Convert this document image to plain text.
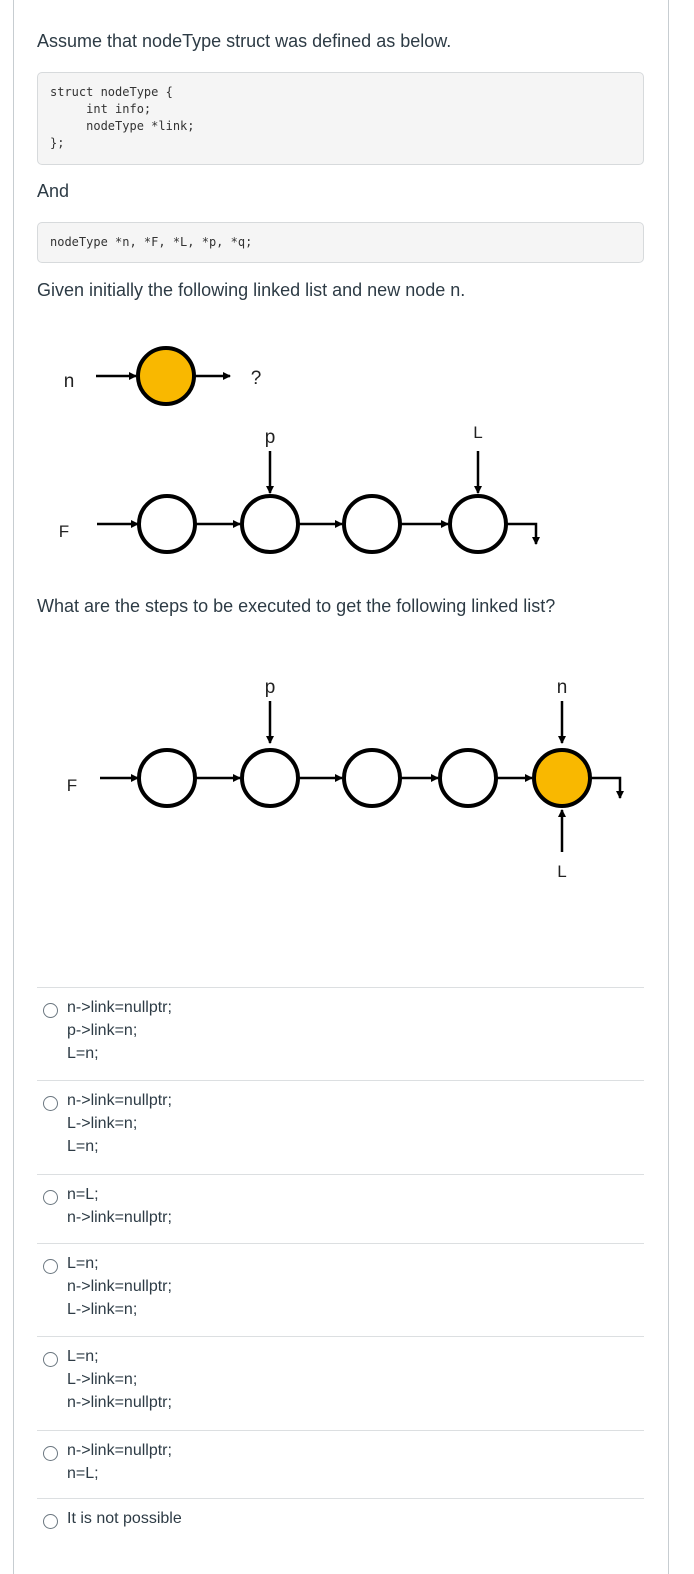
Assume that nodeType struct was defined as below.
struct nodeType {
int info;
nodeType *link;
};
And
nodeType *n, *F, *L, *p, *q;
Given initially the following linked list and new node n.
n	?
p	L
F
What are the steps to be executed to get the following linked list?
p	n
F
L
n->link=nullptr;
p->link=n;
L=n;
n->link=nullptr;
L->link=n;
L=n;
n=L;
n->link=nullptr;
L=n;
n->link=nullptr;
L->link=n;
L=n;
L->link=n;
n->link=nullptr;
n->link=nullptr;
n=L;
It is not possible
